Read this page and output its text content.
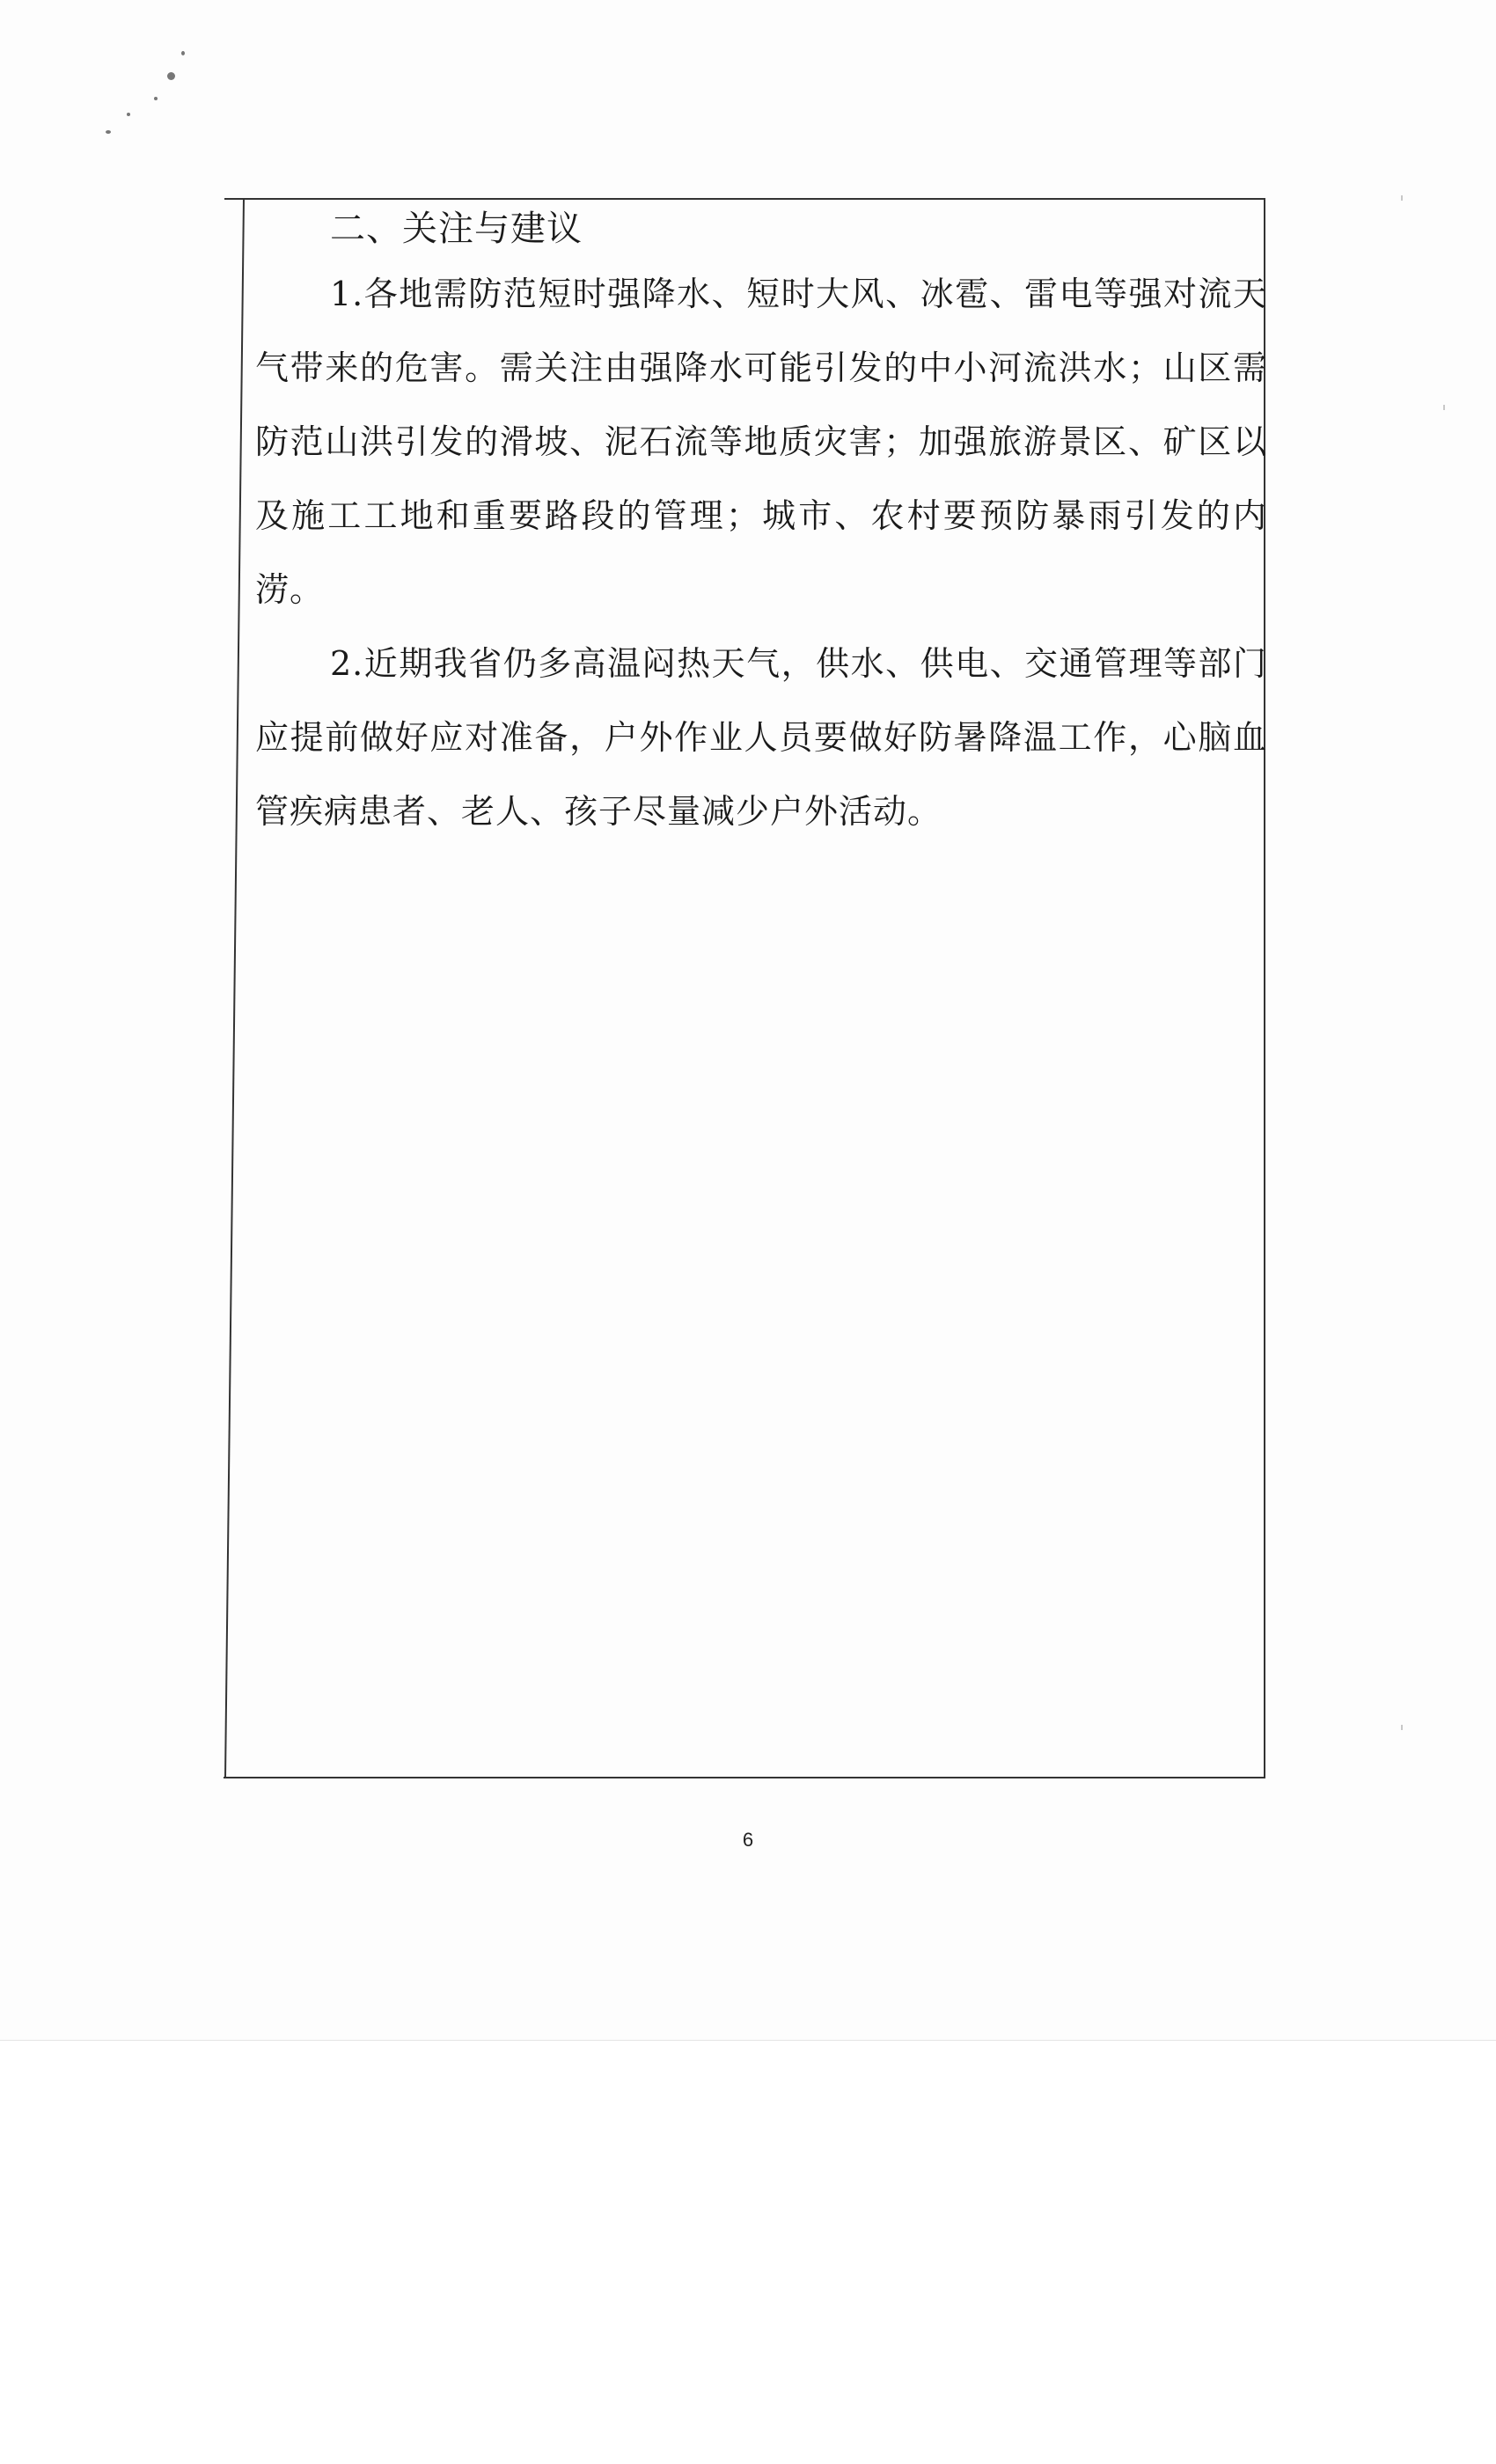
二、关注与建议

1.各地需防范短时强降水、短时大风、冰雹、雷电等强对流天气带来的危害。需关注由强降水可能引发的中小河流洪水；山区需防范山洪引发的滑坡、泥石流等地质灾害；加强旅游景区、矿区以及施工工地和重要路段的管理；城市、农村要预防暴雨引发的内涝。

2.近期我省仍多高温闷热天气，供水、供电、交通管理等部门应提前做好应对准备，户外作业人员要做好防暑降温工作，心脑血管疾病患者、老人、孩子尽量减少户外活动。

6
